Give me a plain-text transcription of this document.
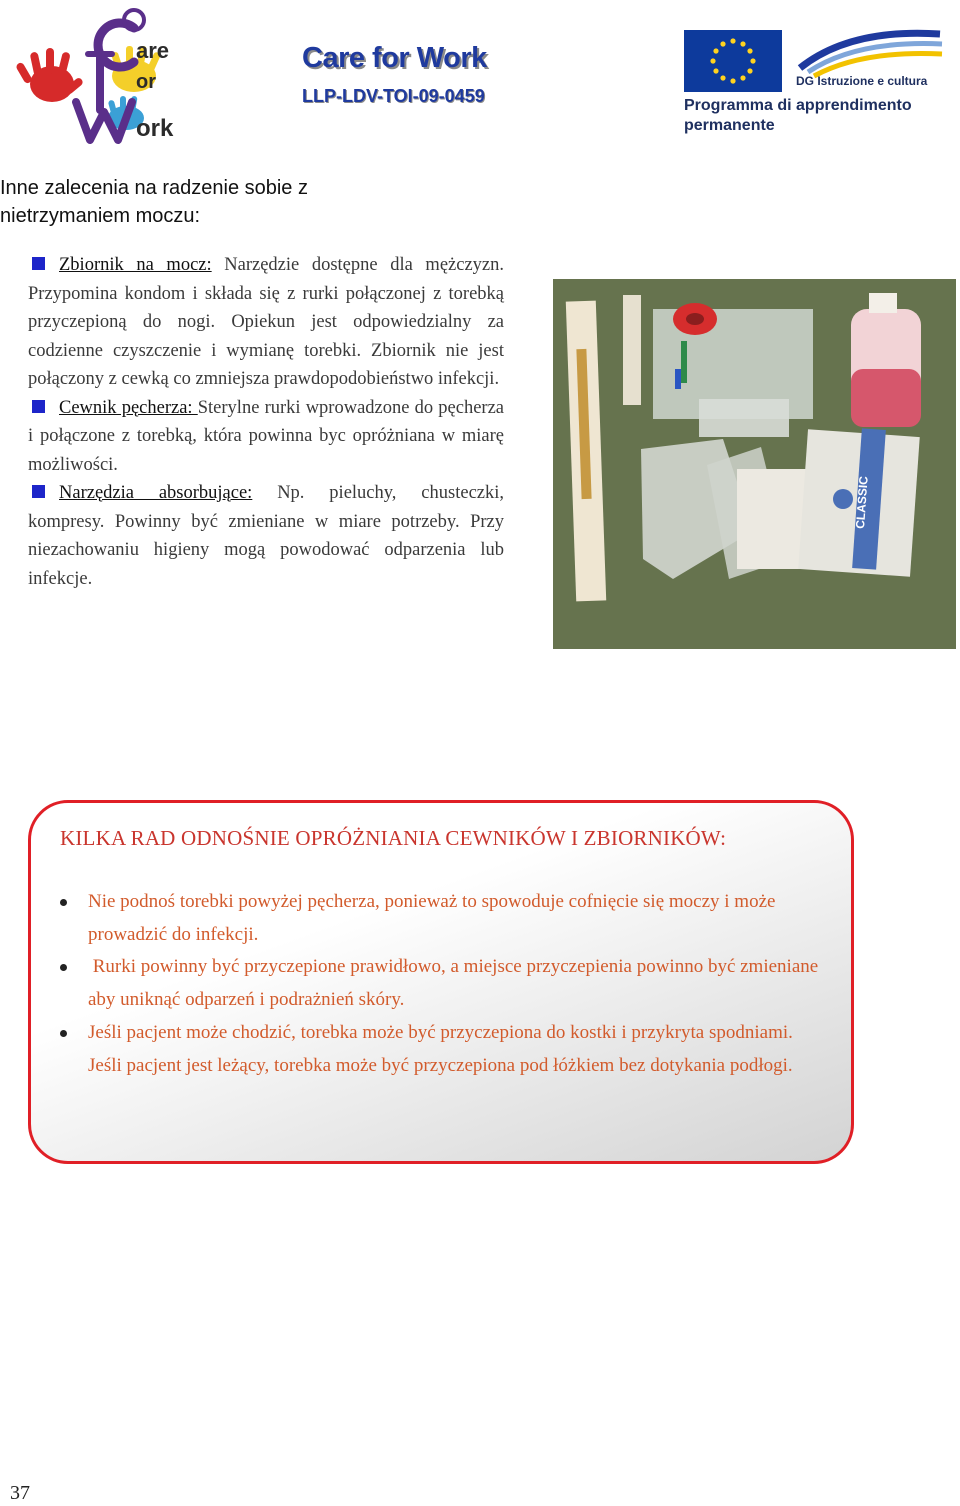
are
or
ork
Care for Work
LLP-LDV-TOI-09-0459
DG Istruzione e cultura
Programma di apprendimento
permanente
Inne zalecenia na radzenie sobie z nietrzymaniem moczu:

Zbiornik na mocz: Narzędzie dostępne dla mężczyzn. Przypomina kondom i składa się z rurki połączonej z torebką przyczepioną do nogi. Opiekun jest odpowiedzialny za codzienne czyszczenie i wymianę torebki. Zbiornik nie jest połączony z cewką co zmniejsza prawdopodobieństwo infekcji.

Cewnik pęcherza: Sterylne rurki wprowadzone do pęcherza i połączone z torebką, która powinna byc opróżniana w miarę możliwości.

Narzędzia absorbujące: Np. pieluchy, chusteczki, kompresy. Powinny być zmieniane w miare potrzeby. Przy niezachowaniu higieny mogą powodować odparzenia lub infekcje.

CLASSIC
KILKA RAD ODNOŚNIE OPRÓŻNIANIA CEWNIKÓW I ZBIORNIKÓW:
Nie podnoś torebki powyżej pęcherza, ponieważ to spowoduje cofnięcie się moczy i może prowadzić do infekcji.
Rurki powinny być przyczepione prawidłowo, a miejsce przyczepienia powinno być zmieniane aby uniknąć odparzeń i podrażnień skóry.
Jeśli pacjent może chodzić, torebka może być przyczepiona do kostki i przykryta spodniami. Jeśli pacjent jest leżący, torebka może być przyczepiona pod łóżkiem bez dotykania podłogi.
37
